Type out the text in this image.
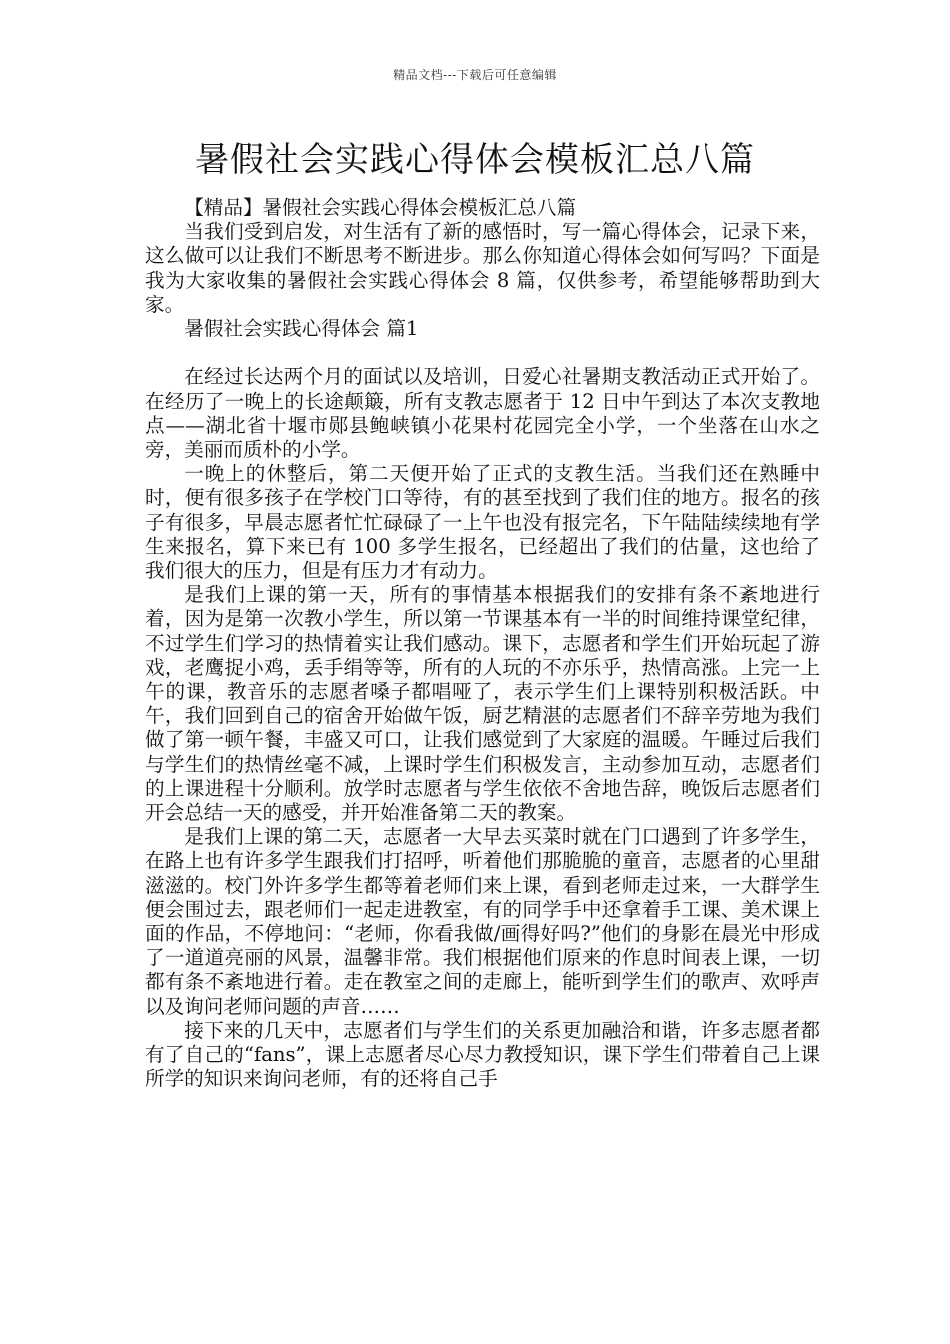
精品文档---下载后可任意编辑
暑假社会实践心得体会模板汇总八篇

【精品】暑假社会实践心得体会模板汇总八篇

当我们受到启发，对生活有了新的感悟时，写一篇心得体会，记录下来，这么做可以让我们不断思考不断进步。那么你知道心得体会如何写吗？下面是我为大家收集的暑假社会实践心得体会 8 篇，仅供参考，希望能够帮助到大家。

暑假社会实践心得体会 篇1

在经过长达两个月的面试以及培训，日爱心社暑期支教活动正式开始了。在经历了一晚上的长途颠簸，所有支教志愿者于 12 日中午到达了本次支教地点——湖北省十堰市郧县鲍峡镇小花果村花园完全小学，一个坐落在山水之旁，美丽而质朴的小学。

一晚上的休整后，第二天便开始了正式的支教生活。当我们还在熟睡中时，便有很多孩子在学校门口等待，有的甚至找到了我们住的地方。报名的孩子有很多，早晨志愿者忙忙碌碌了一上午也没有报完名，下午陆陆续续地有学生来报名，算下来已有 100 多学生报名，已经超出了我们的估量，这也给了我们很大的压力，但是有压力才有动力。

是我们上课的第一天，所有的事情基本根据我们的安排有条不紊地进行着，因为是第一次教小学生，所以第一节课基本有一半的时间维持课堂纪律，不过学生们学习的热情着实让我们感动。课下，志愿者和学生们开始玩起了游戏，老鹰捉小鸡，丢手绢等等，所有的人玩的不亦乐乎，热情高涨。上完一上午的课，教音乐的志愿者嗓子都唱哑了，表示学生们上课特别积极活跃。中午，我们回到自己的宿舍开始做午饭，厨艺精湛的志愿者们不辞辛劳地为我们做了第一顿午餐，丰盛又可口，让我们感觉到了大家庭的温暖。午睡过后我们与学生们的热情丝毫不减，上课时学生们积极发言，主动参加互动，志愿者们的上课进程十分顺利。放学时志愿者与学生依依不舍地告辞，晚饭后志愿者们开会总结一天的感受，并开始准备第二天的教案。

是我们上课的第二天，志愿者一大早去买菜时就在门口遇到了许多学生，在路上也有许多学生跟我们打招呼，听着他们那脆脆的童音，志愿者的心里甜滋滋的。校门外许多学生都等着老师们来上课，看到老师走过来，一大群学生便会围过去，跟老师们一起走进教室，有的同学手中还拿着手工课、美术课上面的作品，不停地问：“老师，你看我做/画得好吗?”他们的身影在晨光中形成了一道道亮丽的风景，温馨非常。我们根据他们原来的作息时间表上课，一切都有条不紊地进行着。走在教室之间的走廊上，能听到学生们的歌声、欢呼声以及询问老师问题的声音……

接下来的几天中，志愿者们与学生们的关系更加融洽和谐，许多志愿者都有了自己的“fans”，课上志愿者尽心尽力教授知识，课下学生们带着自己上课所学的知识来询问老师，有的还将自己手
